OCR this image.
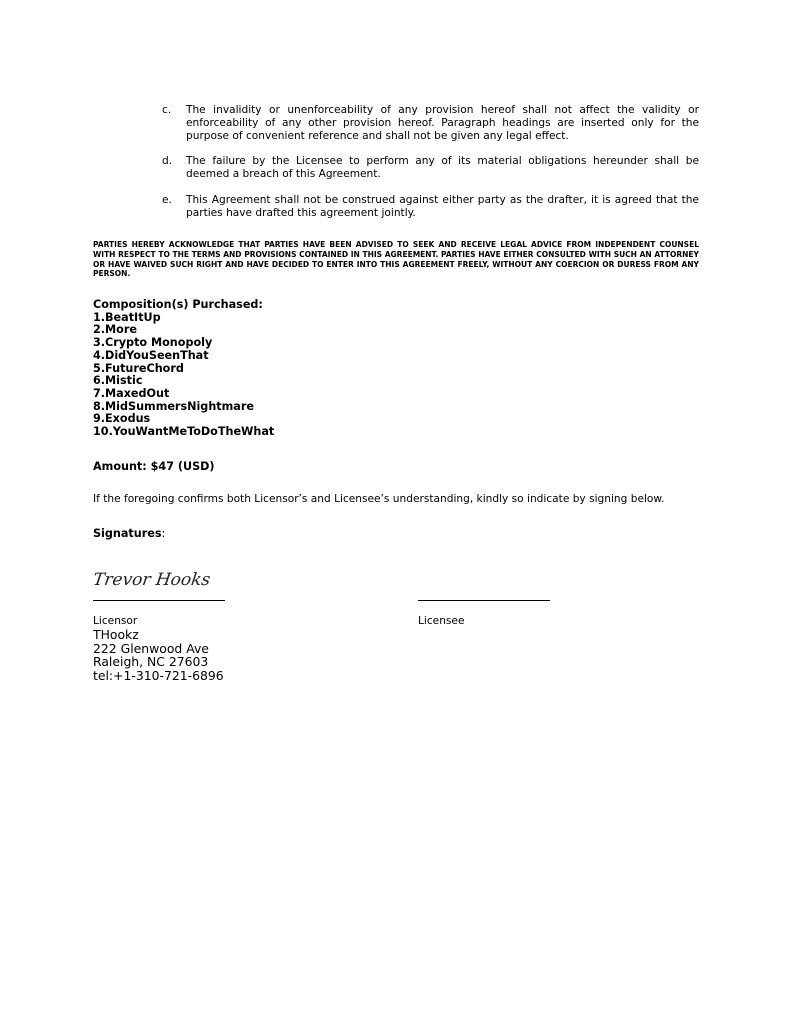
c.	The invalidity or unenforceability of any provision hereof shall not affect the validity or enforceability of any other provision hereof. Paragraph headings are inserted only for the purpose of convenient reference and shall not be given any legal effect.
d.	The failure by the Licensee to perform any of its material obligations hereunder shall be deemed a breach of this Agreement.
e.	This Agreement shall not be construed against either party as the drafter, it is agreed that the parties have drafted this agreement jointly.
PARTIES HEREBY ACKNOWLEDGE THAT PARTIES HAVE BEEN ADVISED TO SEEK AND RECEIVE LEGAL ADVICE FROM INDEPENDENT COUNSEL WITH RESPECT TO THE TERMS AND PROVISIONS CONTAINED IN THIS AGREEMENT. PARTIES HAVE EITHER CONSULTED WITH SUCH AN ATTORNEY OR HAVE WAIVED SUCH RIGHT AND HAVE DECIDED TO ENTER INTO THIS AGREEMENT FREELY, WITHOUT ANY COERCION OR DURESS FROM ANY PERSON.
Composition(s) Purchased:
1.BeatItUp
2.More
3.Crypto Monopoly
4.DidYouSeenThat
5.FutureChord
6.Mistic
7.MaxedOut
8.MidSummersNightmare
9.Exodus
10.YouWantMeToDoTheWhat
Amount: $47 (USD)
If the foregoing confirms both Licensor’s and Licensee’s understanding, kindly so indicate by signing below.
Signatures:
Trevor Hooks
Licensor	Licensee
THookz
222 Glenwood Ave
Raleigh, NC 27603
tel:+1-310-721-6896
